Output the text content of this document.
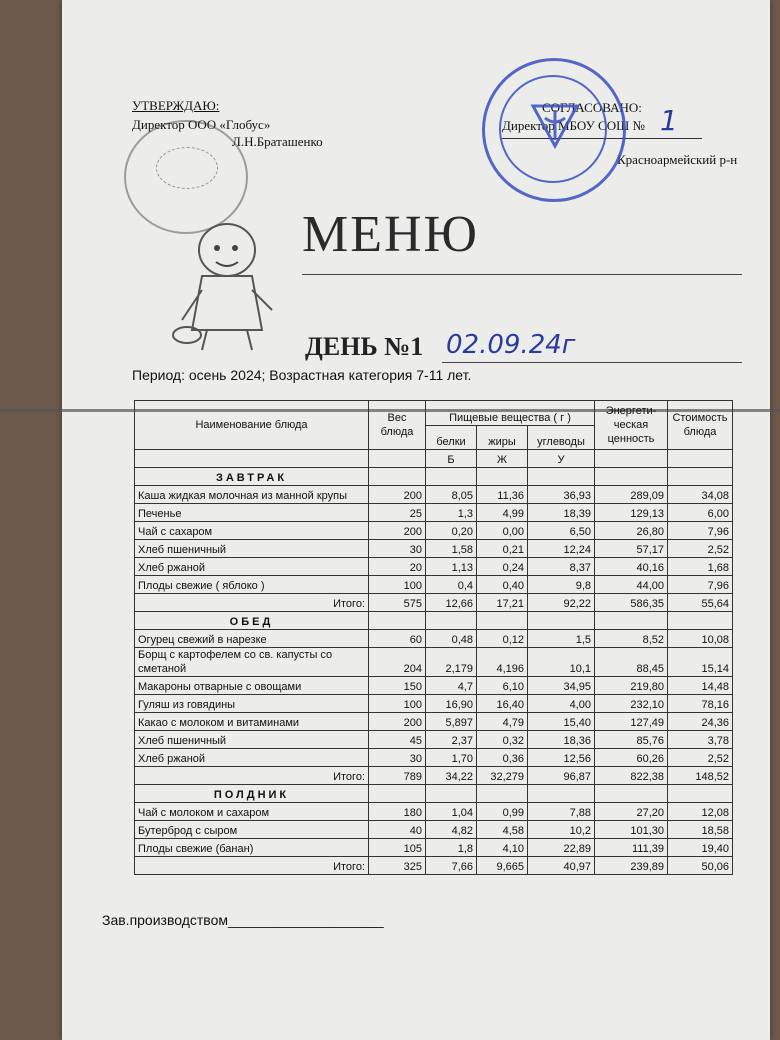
УТВЕРЖДАЮ:
Директор ООО «Глобус»
Л.Н.Браташенко
СОГЛАСОВАНО:
Директор МБОУ СОШ № 1
Красноармейский р-н
МЕНЮ
ДЕНЬ №1 02.09.24г
Период: осень 2024; Возрастная категория 7-11 лет.
Наименование блюда	Вес блюда	Пищевые вещества ( г )			Энергети-ческая ценность	Стоимость блюда
		белки	жиры	углеводы		
		Б	Ж	У		
ЗАВТРАК						
Каша жидкая молочная из манной крупы	200	8,05	11,36	36,93	289,09	34,08
Печенье	25	1,3	4,99	18,39	129,13	6,00
Чай с сахаром	200	0,20	0,00	6,50	26,80	7,96
Хлеб пшеничный	30	1,58	0,21	12,24	57,17	2,52
Хлеб ржаной	20	1,13	0,24	8,37	40,16	1,68
Плоды свежие ( яблоко )	100	0,4	0,40	9,8	44,00	7,96
Итого:	575	12,66	17,21	92,22	586,35	55,64
ОБЕД						
Огурец свежий в нарезке	60	0,48	0,12	1,5	8,52	10,08
Борщ с картофелем со св. капусты со сметаной	204	2,179	4,196	10,1	88,45	15,14
Макароны отварные с овощами	150	4,7	6,10	34,95	219,80	14,48
Гуляш из говядины	100	16,90	16,40	4,00	232,10	78,16
Какао с молоком и витаминами	200	5,897	4,79	15,40	127,49	24,36
Хлеб пшеничный	45	2,37	0,32	18,36	85,76	3,78
Хлеб ржаной	30	1,70	0,36	12,56	60,26	2,52
Итого:	789	34,22	32,279	96,87	822,38	148,52
ПОЛДНИК						
Чай с молоком и сахаром	180	1,04	0,99	7,88	27,20	12,08
Бутерброд с сыром	40	4,82	4,58	10,2	101,30	18,58
Плоды свежие (банан)	105	1,8	4,10	22,89	111,39	19,40
Итого:	325	7,66	9,665	40,97	239,89	50,06
Зав.производством____________________
